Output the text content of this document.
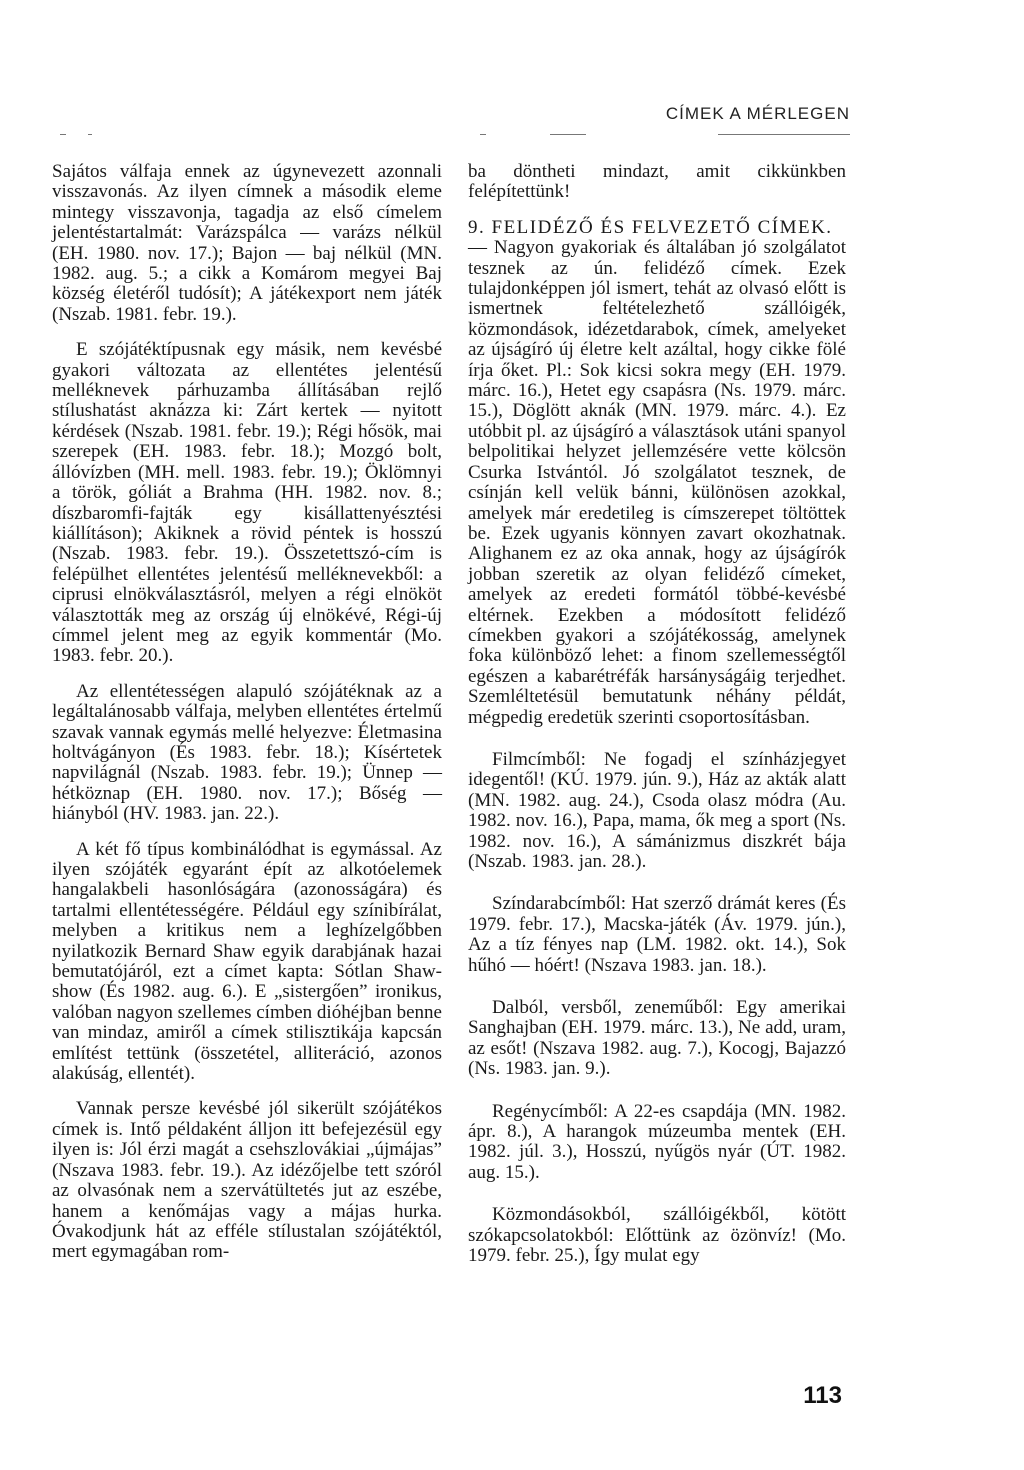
CÍMEK A MÉRLEGEN

Sajátos válfaja ennek az úgynevezett azonnali visszavonás. Az ilyen címnek a második eleme mintegy visszavonja, tagadja az első címelem jelentéstartalmát: Varázspálca — varázs nélkül (EH. 1980. nov. 17.); Bajon — baj nélkül (MN. 1982. aug. 5.; a cikk a Komárom megyei Baj község életéről tudósít); A játékexport nem játék (Nszab. 1981. febr. 19.).

E szójátéktípusnak egy másik, nem kevésbé gyakori változata az ellentétes jelentésű melléknevek párhuzamba állításában rejlő stílushatást aknázza ki: Zárt kertek — nyitott kérdések (Nszab. 1981. febr. 19.); Régi hősök, mai szerepek (EH. 1983. febr. 18.); Mozgó bolt, állóvízben (MH. mell. 1983. febr. 19.); Öklömnyi a török, góliát a Brahma (HH. 1982. nov. 8.; díszbaromfi-fajták egy kisállattenyésztési kiállításon); Akiknek a rövid péntek is hosszú (Nszab. 1983. febr. 19.). Összetettszó-cím is felépülhet ellentétes jelentésű melléknevekből: a ciprusi elnökválasztásról, melyen a régi elnököt választották meg az ország új elnökévé, Régi-új címmel jelent meg az egyik kommentár (Mo. 1983. febr. 20.).

Az ellentétességen alapuló szójátéknak az a legáltalánosabb válfaja, melyben ellentétes értelmű szavak vannak egymás mellé helyezve: Életmasina holtvágányon (És 1983. febr. 18.); Kísértetek napvilágnál (Nszab. 1983. febr. 19.); Ünnep — hétköznap (EH. 1980. nov. 17.); Bőség — hiányból (HV. 1983. jan. 22.).

A két fő típus kombinálódhat is egymással. Az ilyen szójáték egyaránt épít az alkotóelemek hangalakbeli hasonlóságára (azonosságára) és tartalmi ellentétességére. Például egy színibírálat, melyben a kritikus nem a leghízelgőbben nyilatkozik Bernard Shaw egyik darabjának hazai bemutatójáról, ezt a címet kapta: Sótlan Shaw-show (És 1982. aug. 6.). E „sistergően” ironikus, valóban nagyon szellemes címben dióhéjban benne van mindaz, amiről a címek stilisztikája kapcsán említést tettünk (összetétel, alliteráció, azonos alakúság, ellentét).

Vannak persze kevésbé jól sikerült szójátékos címek is. Intő példaként álljon itt befejezésül egy ilyen is: Jól érzi magát a csehszlovákiai „újmájas” (Nszava 1983. febr. 19.). Az idézőjelbe tett szóról az olvasónak nem a szervátültetés jut az eszébe, hanem a kenőmájas vagy a májas hurka. Óvakodjunk hát az efféle stílustalan szójátéktól, mert egymagában rom-

ba döntheti mindazt, amit cikkünkben felépítettünk!

9. FELIDÉZŐ ÉS FELVEZETŐ CÍMEK.

— Nagyon gyakoriak és általában jó szolgálatot tesznek az ún. felidéző címek. Ezek tulajdonképpen jól ismert, tehát az olvasó előtt is ismertnek feltételezhető szállóigék, közmondások, idézetdarabok, címek, amelyeket az újságíró új életre kelt azáltal, hogy cikke fölé írja őket. Pl.: Sok kicsi sokra megy (EH. 1979. márc. 16.), Hetet egy csapásra (Ns. 1979. márc. 15.), Döglött aknák (MN. 1979. márc. 4.). Ez utóbbit pl. az újságíró a választások utáni spanyol belpolitikai helyzet jellemzésére vette kölcsön Csurka Istvántól. Jó szolgálatot tesznek, de csínján kell velük bánni, különösen azokkal, amelyek már eredetileg is címszerepet töltöttek be. Ezek ugyanis könnyen zavart okozhatnak. Alighanem ez az oka annak, hogy az újságírók jobban szeretik az olyan felidéző címeket, amelyek az eredeti formától többé-kevésbé eltérnek. Ezekben a módosított felidéző címekben gyakori a szójátékosság, amelynek foka különböző lehet: a finom szellemességtől egészen a kabarétréfák harsányságáig terjedhet. Szemléltetésül bemutatunk néhány példát, mégpedig eredetük szerinti csoportosításban.

Filmcímből: Ne fogadj el színházjegyet idegentől! (KÚ. 1979. jún. 9.), Ház az akták alatt (MN. 1982. aug. 24.), Csoda olasz módra (Au. 1982. nov. 16.), Papa, mama, ők meg a sport (Ns. 1982. nov. 16.), A sámánizmus diszkrét bája (Nszab. 1983. jan. 28.).

Színdarabcímből: Hat szerző drámát keres (És 1979. febr. 17.), Macska-játék (Áv. 1979. jún.), Az a tíz fényes nap (LM. 1982. okt. 14.), Sok hűhó — hóért! (Nszava 1983. jan. 18.).

Dalból, versből, zeneműből: Egy amerikai Sanghajban (EH. 1979. márc. 13.), Ne add, uram, az esőt! (Nszava 1982. aug. 7.), Kocogj, Bajazzó (Ns. 1983. jan. 9.).

Regénycímből: A 22-es csapdája (MN. 1982. ápr. 8.), A harangok múzeumba mentek (EH. 1982. júl. 3.), Hosszú, nyűgös nyár (ÚT. 1982. aug. 15.).

Közmondásokból, szállóigékből, kötött szókapcsolatokból: Előttünk az özönvíz! (Mo. 1979. febr. 25.), Így mulat egy

113
